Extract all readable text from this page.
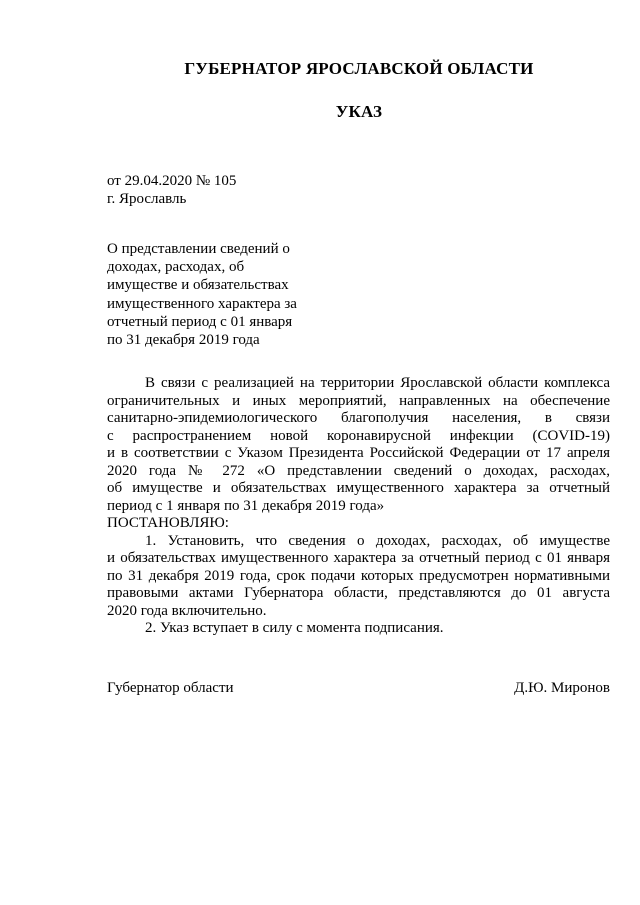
ГУБЕРНАТОР ЯРОСЛАВСКОЙ ОБЛАСТИ
УКАЗ
от 29.04.2020 № 105
г. Ярославль
О представлении сведений о
доходах, расходах, об
имуществе и обязательствах
имущественного характера за
отчетный период с 01 января
по 31 декабря 2019 года
В связи с реализацией на территории Ярославской области комплекса
ограничительных и иных мероприятий, направленных на обеспечение
санитарно-эпидемиологического благополучия населения, в связи
с распространением новой коронавирусной инфекции (COVID-19)
и в соответствии с Указом Президента Российской Федерации от 17 апреля
2020 года № 272 «О представлении сведений о доходах, расходах,
об имуществе и обязательствах имущественного характера за отчетный
период с 1 января по 31 декабря 2019 года»
ПОСТАНОВЛЯЮ:
1. Установить, что сведения о доходах, расходах, об имуществе
и обязательствах имущественного характера за отчетный период с 01 января
по 31 декабря 2019 года, срок подачи которых предусмотрен нормативными
правовыми актами Губернатора области, представляются до 01 августа
2020 года включительно.
2. Указ вступает в силу с момента подписания.
Губернатор области	Д.Ю. Миронов
